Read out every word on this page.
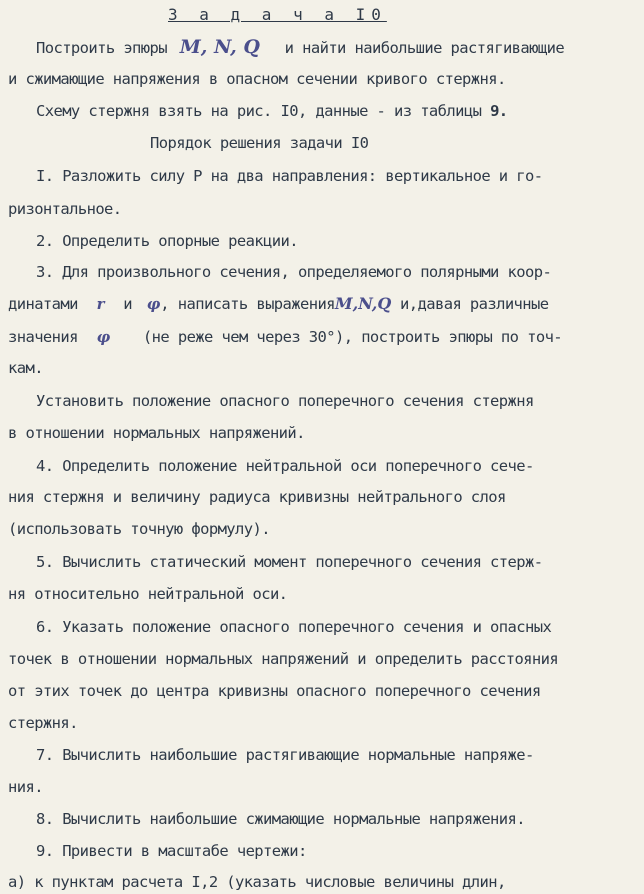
З а д а ч а I0
Построить эпюры M, N, Q и найти наибольшие растягивающие
и сжимающие напряжения в опасном сечении кривого стержня.
Схему стержня взять на рис. I0, данные - из таблицы 9.
Порядок решения задачи I0
I. Разложить силу Р на два направления: вертикальное и го-
ризонтальное.
2. Определить опорные реакции.
3. Для произвольного сечения, определяемого полярными коор-
динатами r и φ, написать выраженияM,N,Q и,давая различные
значения φ (не реже чем через 30°), построить эпюры по точ-
кам.
Установить положение опасного поперечного сечения стержня
в отношении нормальных напряжений.
4. Определить положение нейтральной оси поперечного сече-
ния стержня и величину радиуса кривизны нейтрального слоя
(использовать точную формулу).
5. Вычислить статический момент поперечного сечения стерж-
ня относительно нейтральной оси.
6. Указать положение опасного поперечного сечения и опасных
точек в отношении нормальных напряжений и определить расстояния
от этих точек до центра кривизны опасного поперечного сечения
стержня.
7. Вычислить наибольшие растягивающие нормальные напряже-
ния.
8. Вычислить наибольшие сжимающие нормальные напряжения.
9. Привести в масштабе чертежи:
а) к пунктам расчета I,2 (указать числовые величины длин,
